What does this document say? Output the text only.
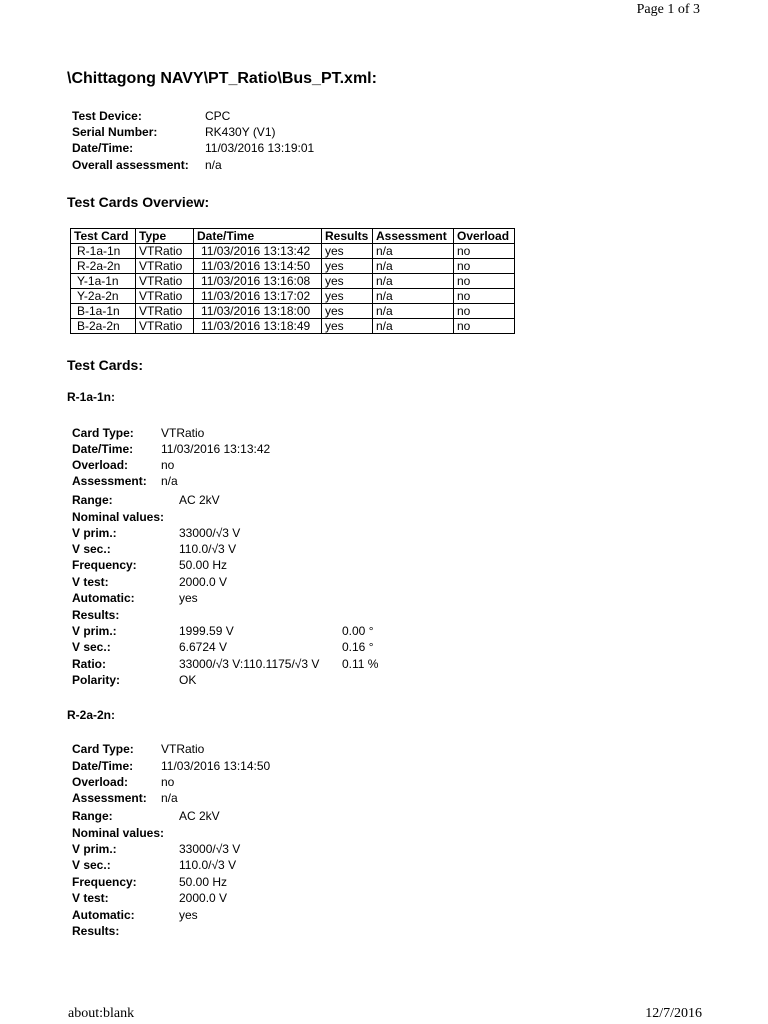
Page 1 of 3
\Chittagong NAVY\PT_Ratio\Bus_PT.xml:
Test Device:	CPC
Serial Number:	RK430Y (V1)
Date/Time:	11/03/2016 13:19:01
Overall assessment: n/a
Test Cards Overview:
Test Card	Type	Date/Time	Results	Assessment	Overload
R-1a-1n	VTRatio	11/03/2016 13:13:42	yes	n/a	no
R-2a-2n	VTRatio	11/03/2016 13:14:50	yes	n/a	no
Y-1a-1n	VTRatio	11/03/2016 13:16:08	yes	n/a	no
Y-2a-2n	VTRatio	11/03/2016 13:17:02	yes	n/a	no
B-1a-1n	VTRatio	11/03/2016 13:18:00	yes	n/a	no
B-2a-2n	VTRatio	11/03/2016 13:18:49	yes	n/a	no
Test Cards:
R-1a-1n:
Card Type: VTRatio
Date/Time: 11/03/2016 13:13:42
Overload:	no
Assessment: n/a
Range:	AC 2kV
Nominal values:
V prim.:	33000/√3 V
V sec.:	110.0/√3 V
Frequency:	50.00 Hz
V test:	2000.0 V
Automatic:	yes
Results:
V prim.:	1999.59 V	0.00 °
V sec.:	6.6724 V	0.16 °
Ratio:	33000/√3 V:110.1175/√3 V 0.11 %
Polarity:	OK
R-2a-2n:
Card Type: VTRatio
Date/Time: 11/03/2016 13:14:50
Overload:	no
Assessment: n/a
Range:	AC 2kV
Nominal values:
V prim.:	33000/√3 V
V sec.:	110.0/√3 V
Frequency:	50.00 Hz
V test:	2000.0 V
Automatic:	yes
Results:
about:blank	12/7/2016
